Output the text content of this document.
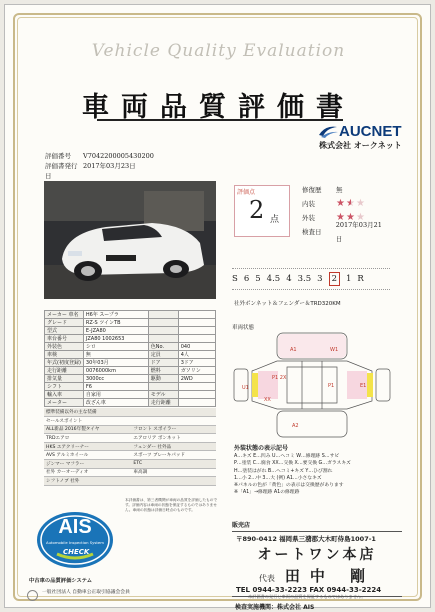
Vehicle Quality Evaluation
車両品質評価書
AUCNET
株式会社 オークネット
評価番号	V7042200005430200
評価書発行日
2017年03月23日
評価点
2 点
修復歴	無
内装	★★★
外装	★★★
検査日
2017年03月21日
S 6 5 4.5 4 3.5 3	2	1 R
社外ボンネット＆フェンダー＆TRD320KM
メーカー 車名	H6年 スープラ		
グレード	RZ-S ツインTB		
型式	E-JZA80		
車台番号	JZA80 1002653		
外装色	シロ	色No.	040
車検	無	定員	4人
年式(初度登録)	30年03月	ドア	3ドア
走行距離	0076000km	燃料	ガソリン
排気量	3000cc	駆動	2WD
シフト	F6		
輸入車	自家用	モデル	
メーター	改ざん車	走行距離	
標準装備以外の主な装備	
セールスポイント	
ALL新品 2016年製タイヤ	フロント スポイラー
TRDエアロ	エアロリア ボンネット
HKS エアクリーナー	フェンダー 社外品
AVS アルミホイール	スポーツ ブレーキパッド
ジンマー マフラー	ETC
社外 カーオーディオ	車高調
シフトノブ 社外	
車両状態
A1	W1
U1	P1
P1 2X
E1
A2
XX
外装状態の表示記号
A…キズ E…凹み U…ヘコミ W…修理跡 S…サビ
P…塗装 C…腐食 XX…交換 X…要交換 G…ガラスキズ
H…塗装はがれ B…ヘコミ+キズ Y…ひび割れ
1…小 2…中 3…大 (例) A1…小さなキズ
※パネルの色が「黄色」の表示は交換歴があります
※「A1」→修理跡 A1の修理跡
販売店
〒890-0412 福岡県三潴郡大木町侍島1007-1
オートワン本店
代表 田中 剛
TEL 0944-33-2223 FAX 0944-33-2224
本評価書は、第三者機関が車両の品質を評価したものです。評価内容は車両の状態を保証するものではありません。車両の状態は評価日時点のものです。
AIS
Automobile Inspection System
CHECK
中古車の品質評価システム
一般社団法人 自動車公正取引協議会会員
本評価書の発行と車両の品質を保証するものではありません。
検査実施機関：株式会社 AIS
